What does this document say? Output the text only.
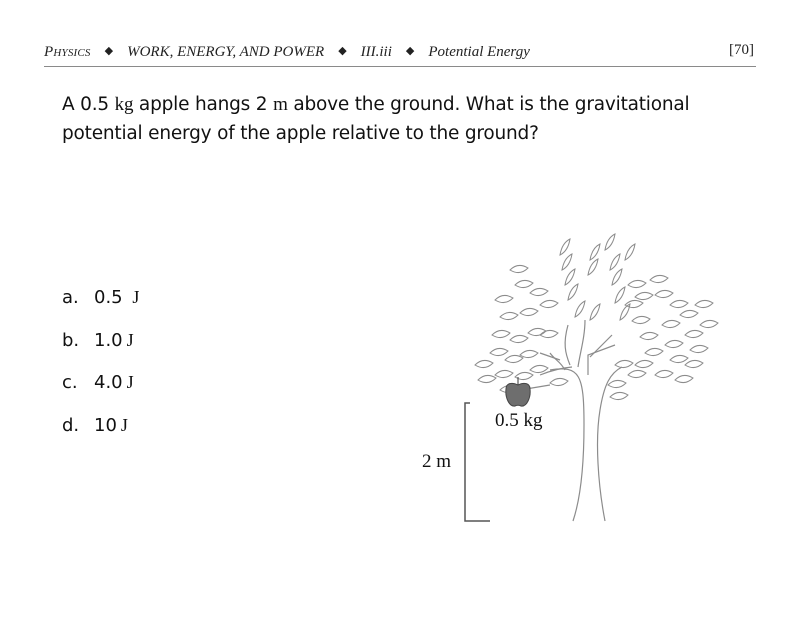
Physics ◆ WORK, ENERGY, AND POWER ◆ III.iii ◆ Potential Energy	[70]
A 0.5 kg apple hangs 2 m above the ground. What is the gravitational potential energy of the apple relative to the ground?
a. 0.5 J
b. 1.0 J
c. 4.0 J
d. 10 J	0.5 kg
2 m
